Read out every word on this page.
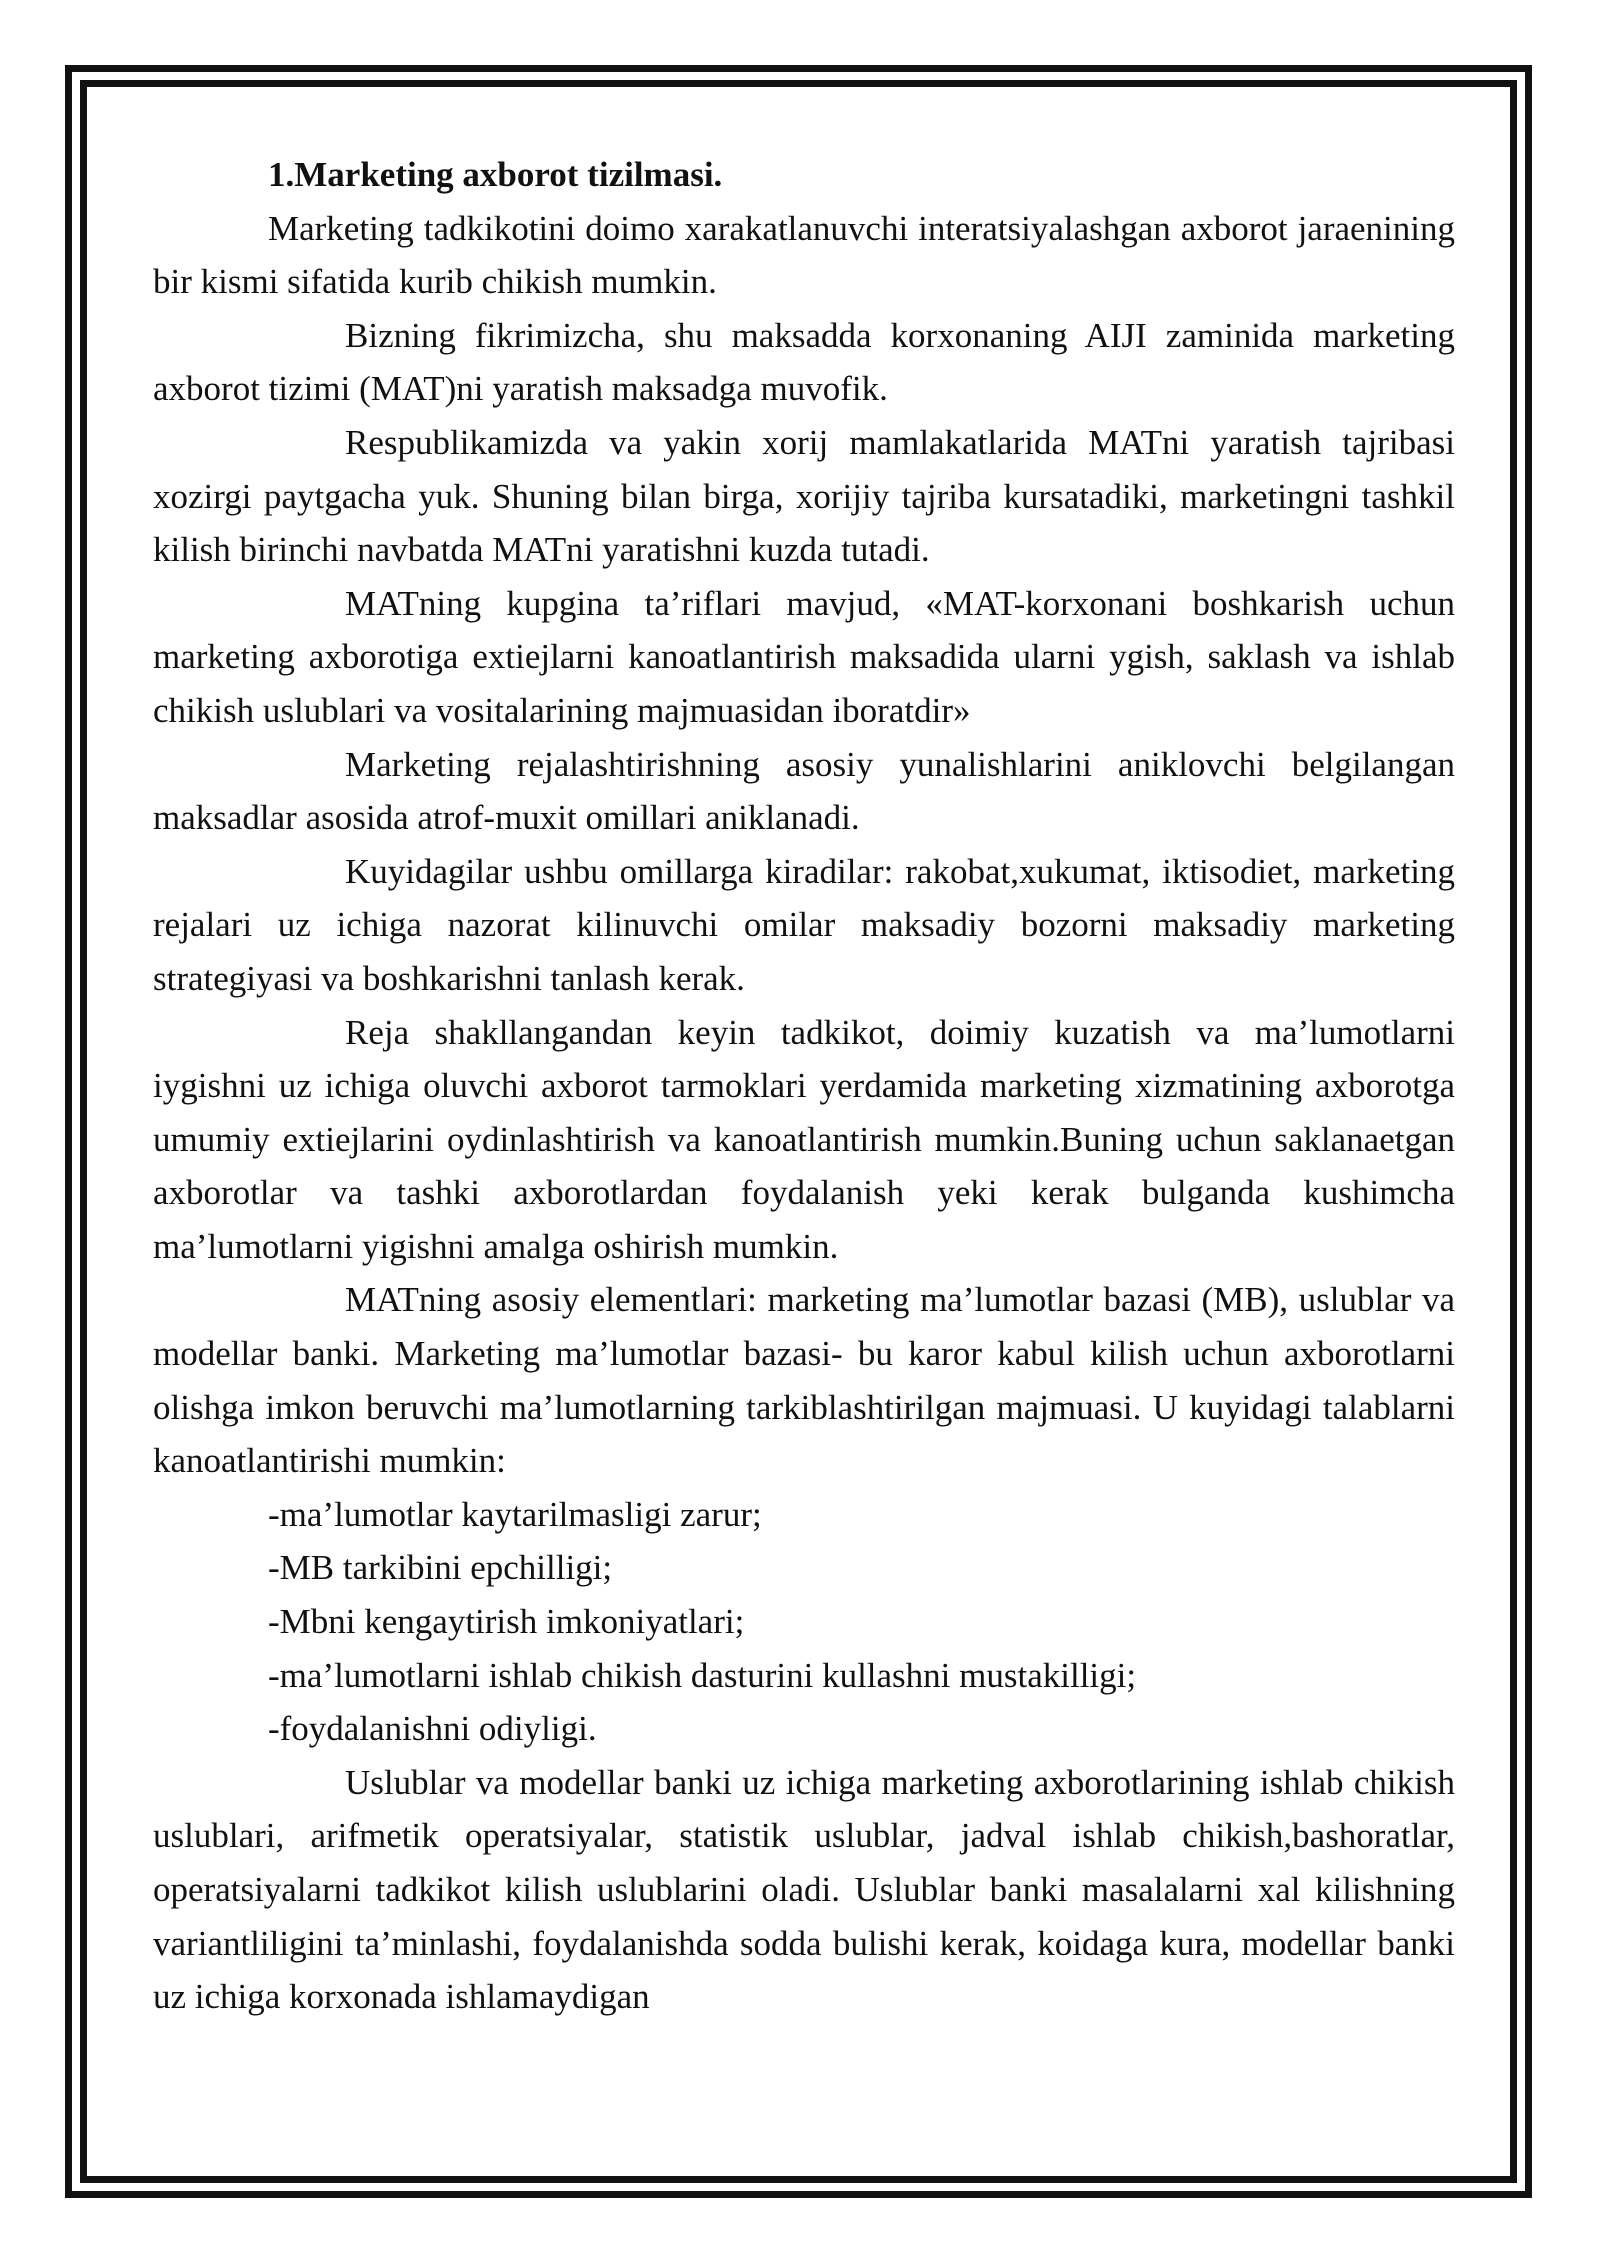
1.Marketing axborot tizilmasi.

Marketing tadkikotini doimo xarakatlanuvchi interatsiyalashgan axborot jaraenining bir kismi sifatida kurib chikish mumkin.

Bizning fikrimizcha, shu maksadda korxonaning AIJI zaminida marketing axborot tizimi (MAT)ni yaratish maksadga muvofik.

Respublikamizda va yakin xorij mamlakatlarida MATni yaratish tajribasi xozirgi paytgacha yuk. Shuning bilan birga, xorijiy tajriba kursatadiki, marketingni tashkil kilish birinchi navbatda MATni yaratishni kuzda tutadi.

MATning kupgina ta’riflari mavjud, «MAT-korxonani boshkarish uchun marketing axborotiga extiejlarni kanoatlantirish maksadida ularni ygish, saklash va ishlab chikish uslublari va vositalarining majmuasidan iboratdir»

Marketing rejalashtirishning asosiy yunalishlarini aniklovchi belgilangan maksadlar asosida atrof-muxit omillari aniklanadi.

Kuyidagilar ushbu omillarga kiradilar: rakobat,xukumat, iktisodiet, marketing rejalari uz ichiga nazorat kilinuvchi omilar maksadiy bozorni maksadiy marketing strategiyasi va boshkarishni tanlash kerak.

Reja shakllangandan keyin tadkikot, doimiy kuzatish va ma’lumotlarni iygishni uz ichiga oluvchi axborot tarmoklari yerdamida marketing xizmatining axborotga umumiy extiejlarini oydinlashtirish va kanoatlantirish mumkin.Buning uchun saklanaetgan axborotlar va tashki axborotlardan foydalanish yeki kerak bulganda kushimcha ma’lumotlarni yigishni amalga oshirish mumkin.

MATning asosiy elementlari: marketing ma’lumotlar bazasi (MB), uslublar va modellar banki. Marketing ma’lumotlar bazasi- bu karor kabul kilish uchun axborotlarni olishga imkon beruvchi ma’lumotlarning tarkiblashtirilgan majmuasi. U kuyidagi talablarni kanoatlantirishi mumkin:

-ma’lumotlar kaytarilmasligi zarur;

-MB tarkibini epchilligi;

-Mbni kengaytirish imkoniyatlari;

-ma’lumotlarni ishlab chikish dasturini kullashni mustakilligi;

-foydalanishni odiyligi.

Uslublar va modellar banki uz ichiga marketing axborotlarining ishlab chikish uslublari, arifmetik operatsiyalar, statistik uslublar, jadval ishlab chikish,bashoratlar, operatsiyalarni tadkikot kilish uslublarini oladi. Uslublar banki masalalarni xal kilishning variantliligini ta’minlashi, foydalanishda sodda bulishi kerak, koidaga kura, modellar banki uz ichiga korxonada ishlamaydigan
